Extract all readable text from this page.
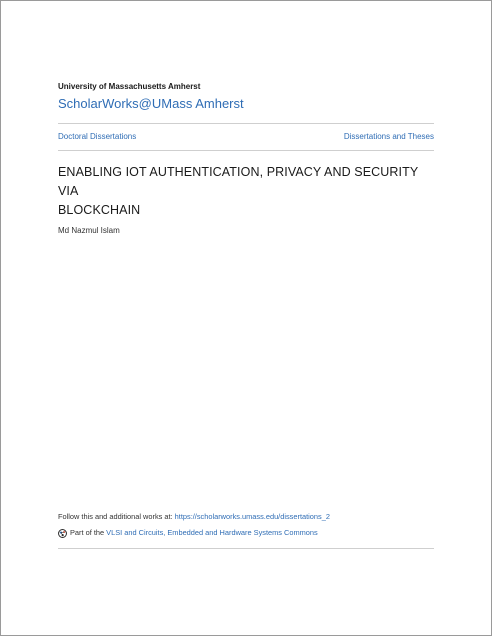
University of Massachusetts Amherst
ScholarWorks@UMass Amherst
Doctoral Dissertations	Dissertations and Theses
ENABLING IOT AUTHENTICATION, PRIVACY AND SECURITY VIA
BLOCKCHAIN
Md Nazmul Islam
Follow this and additional works at: https://scholarworks.umass.edu/dissertations_2
Part of the
VLSI and Circuits, Embedded and Hardware Systems Commons
